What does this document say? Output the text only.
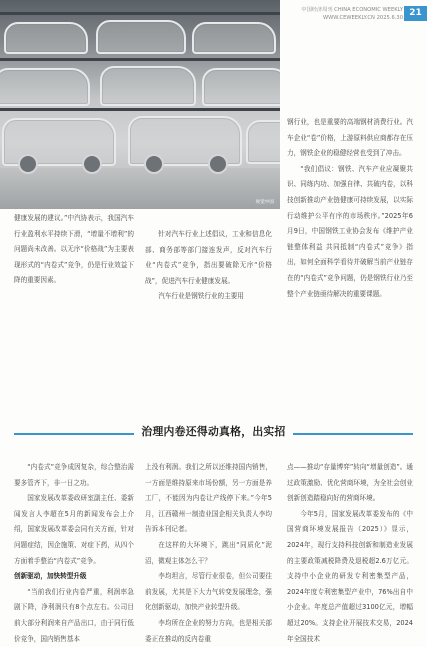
中国经济周刊 CHINA ECONOMIC WEEKLY
WWW.CEWEEKLY.CN 2025.6.30 21
视觉中国

健康发展的建议。”中汽协表示，我国汽车行业盈利水平持续下滑，“增量不增利”的问题尚未改善。以无序“价格战”为主要表现形式的“内卷式”竞争，仍是行业效益下降的重要因素。

针对汽车行业上述倡议，工业和信息化部、商务部等部门接连发声，反对汽车行业“内卷式”竞争，指出要破除无序“价格战”，促进汽车行业健康发展。

汽车行业是钢铁行业的主要用

钢行业，也是重要的高端钢材消费行业。汽车企业“卷”价格，上游原料供应商都存在压力，钢铁企业的稳健经营也受到了冲击。

“我们倡议：钢铁、汽车产业应凝聚共识、同练内功、加强自律、共破内卷，以科技创新推动产业链健康可持续发展，以实际行动维护公平有序的市场秩序。”2025年6月9日，中国钢铁工业协会发布《维护产业链整体利益 共同抵制“内卷式”竞争》指出，如何全面科学看待并破解当前产业链存在的“内卷式”竞争问题，仍是钢铁行业乃至整个产业链亟待解决的重要课题。

治理内卷还得动真格，出实招

“内卷式”竞争成因复杂，综合整治需要多管齐下，非一日之功。

国家发展改革委政研室副主任、委新闻发言人李超在5月的新闻发布会上介绍，国家发展改革委会同有关方面，针对问题症结，因企施策、对症下药，从四个方面着手整治“内卷式”竞争。

创新驱动，加快转型升级

“当前我们行业内卷严重，利润率急剧下降，净利润只有8个点左右。公司目前大部分利润来自产品出口，由于同行低价竞争，国内销售基本

上没有利润。我们之所以还维持国内销售，一方面是维持原来市场份额，另一方面是养工厂，不能因为内卷让产线停下来。”今年5月，江西赣州一制造业国企相关负责人李均告诉本刊记者。

在这样的大环境下，跳出“同质化”泥沼，微观主体怎么干？

李均坦言，尽管行业很卷，但公司要往前发展，尤其是下大力气转变发展理念，强化创新驱动，加快产业转型升级。

李均所在企业的努力方向，也是相关部委正在推动的反内卷重

点——推动“存量博弈”转向“增量创造”。通过政策激励、优化营商环境，为全社会创业创新创造踏稳向好的营商环境。

今年5月，国家发展改革委发布的《中国营商环境发展报告（2025）》显示，2024年，现行支持科技创新和制造业发展的主要政策减税降费及退税超2.6万亿元。支持中小企业的研发专利密集型产品，2024年度专利密集型产业中，76%出自中小企业。年度总产值超过3100亿元，增幅超过20%。支持企业开展技术交易，2024年全国技术
